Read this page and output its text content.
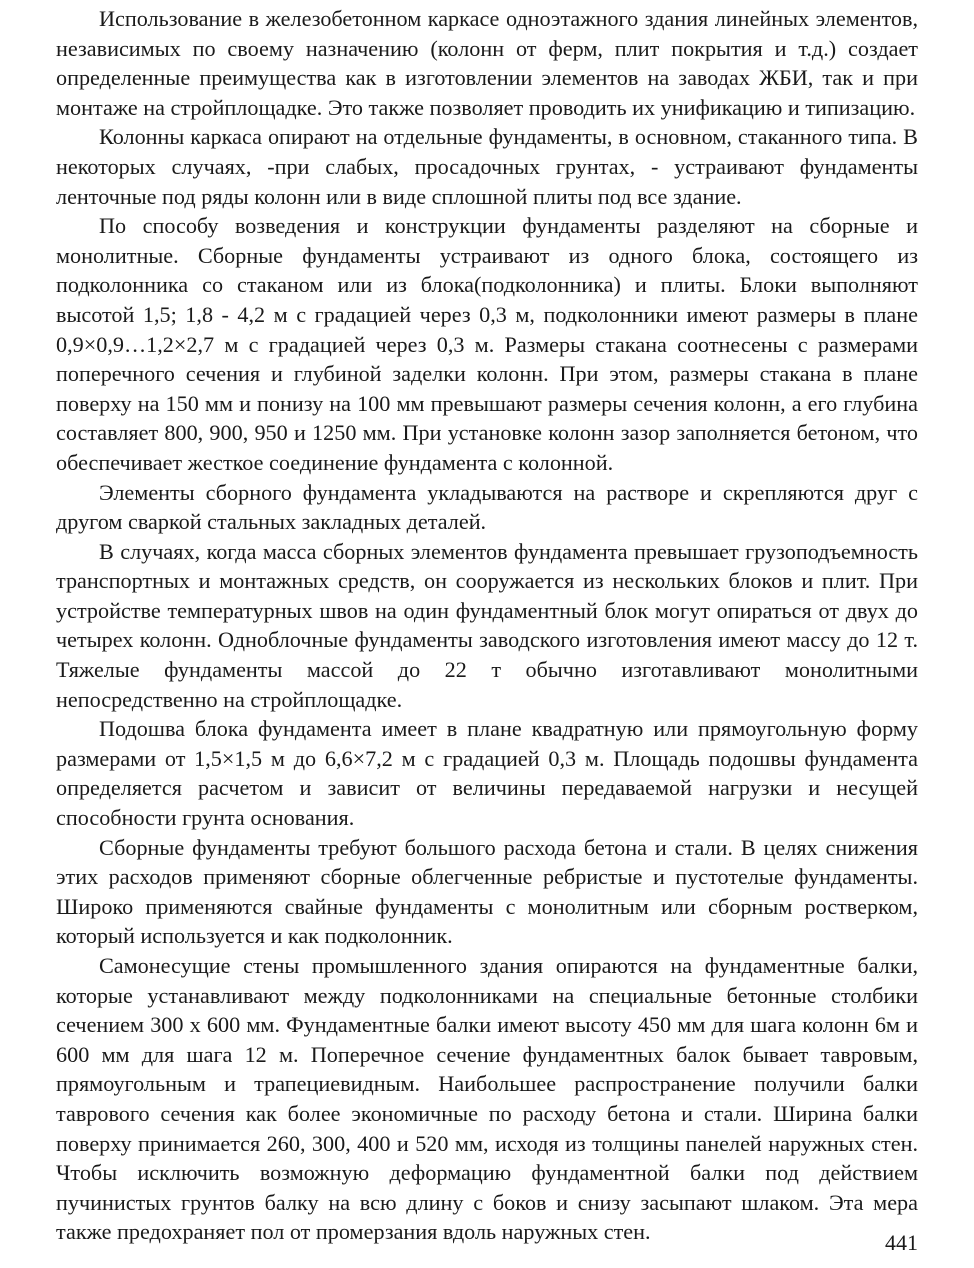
Использование в железобетонном каркасе одноэтажного здания линейных элементов, независимых по своему назначению (колонн от ферм, плит покрытия и т.д.) создает определенные преимущества как в изготовлении элементов на заводах ЖБИ, так и при монтаже на стройплощадке. Это также позволяет проводить их унификацию и типизацию.

Колонны каркаса опирают на отдельные фундаменты, в основном, стаканного типа. В некоторых случаях, -при слабых, просадочных грунтах, - устраивают фундаменты ленточные под ряды колонн или в виде сплошной плиты под все здание.

По способу возведения и конструкции фундаменты разделяют на сборные и монолитные. Сборные фундаменты устраивают из одного блока, состоящего из подколонника со стаканом или из блока(подколонника) и плиты. Блоки выполняют высотой 1,5; 1,8 - 4,2 м с градацией через 0,3 м, подколонники имеют размеры в плане 0,9×0,9…1,2×2,7 м с градацией через 0,3 м. Размеры стакана соотнесены с размерами поперечного сечения и глубиной заделки колонн. При этом, размеры стакана в плане поверху на 150 мм и понизу на 100 мм превышают размеры сечения колонн, а его глубина составляет 800, 900, 950 и 1250 мм. При установке колонн зазор заполняется бетоном, что обеспечивает жесткое соединение фундамента с колонной.

Элементы сборного фундамента укладываются на растворе и скрепляются друг с другом сваркой стальных закладных деталей.

В случаях, когда масса сборных элементов фундамента превышает грузоподъемность транспортных и монтажных средств, он сооружается из нескольких блоков и плит. При устройстве температурных швов на один фундаментный блок могут опираться от двух до четырех колонн. Одноблочные фундаменты заводского изготовления имеют массу до 12 т. Тяжелые фундаменты массой до 22 т обычно изготавливают монолитными непосредственно на стройплощадке.

Подошва блока фундамента имеет в плане квадратную или прямоугольную форму размерами от 1,5×1,5 м до 6,6×7,2 м с градацией 0,3 м. Площадь подошвы фундамента определяется расчетом и зависит от величины передаваемой нагрузки и несущей способности грунта основания.

Сборные фундаменты требуют большого расхода бетона и стали. В целях снижения этих расходов применяют сборные облегченные ребристые и пустотелые фундаменты. Широко применяются свайные фундаменты с монолитным или сборным ростверком, который используется и как подколонник.

Самонесущие стены промышленного здания опираются на фундаментные балки, которые устанавливают между подколонниками на специальные бетонные столбики сечением 300 х 600 мм. Фундаментные балки имеют высоту 450 мм для шага колонн 6м и 600 мм для шага 12 м. Поперечное сечение фундаментных балок бывает тавровым, прямоугольным и трапециевидным. Наибольшее распространение получили балки таврового сечения как более экономичные по расходу бетона и стали. Ширина балки поверху принимается 260, 300, 400 и 520 мм, исходя из толщины панелей наружных стен. Чтобы исключить возможную деформацию фундаментной балки под действием пучинистых грунтов балку на всю длину с боков и снизу засыпают шлаком. Эта мера также предохраняет пол от промерзания вдоль наружных стен.	441
